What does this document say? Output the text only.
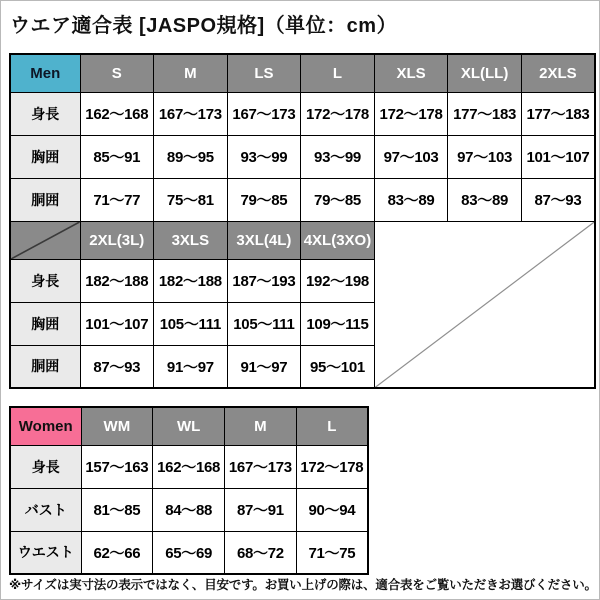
ウエア適合表 [JASPO規格]（単位：cm）
Men	S	M	LS	L	XLS	XL(LL)	2XLS
身長	162～168	167～173	167～173	172～178	172～178	177～183	177～183
胸囲	85～91	89～95	93～99	93～99	97～103	97～103	101～107
胴囲	71～77	75～81	79～85	79～85	83～89	83～89	87～93

	2XL(3L)	3XLS	3XL(4L)	4XL(3XO)	

身長	182～188	182～188	187～193	192～198			
胸囲	101～107	105～111	105～111	109～115			
胴囲	87～93	91～97	91～97	95～101			
Women	WM	WL	M	L
身長	157～163	162～168	167～173	172～178
バスト	81～85	84～88	87～91	90～94
ウエスト	62～66	65～69	68～72	71～75
※サイズは実寸法の表示ではなく、目安です。お買い上げの際は、適合表をご覧いただきお選びください。
